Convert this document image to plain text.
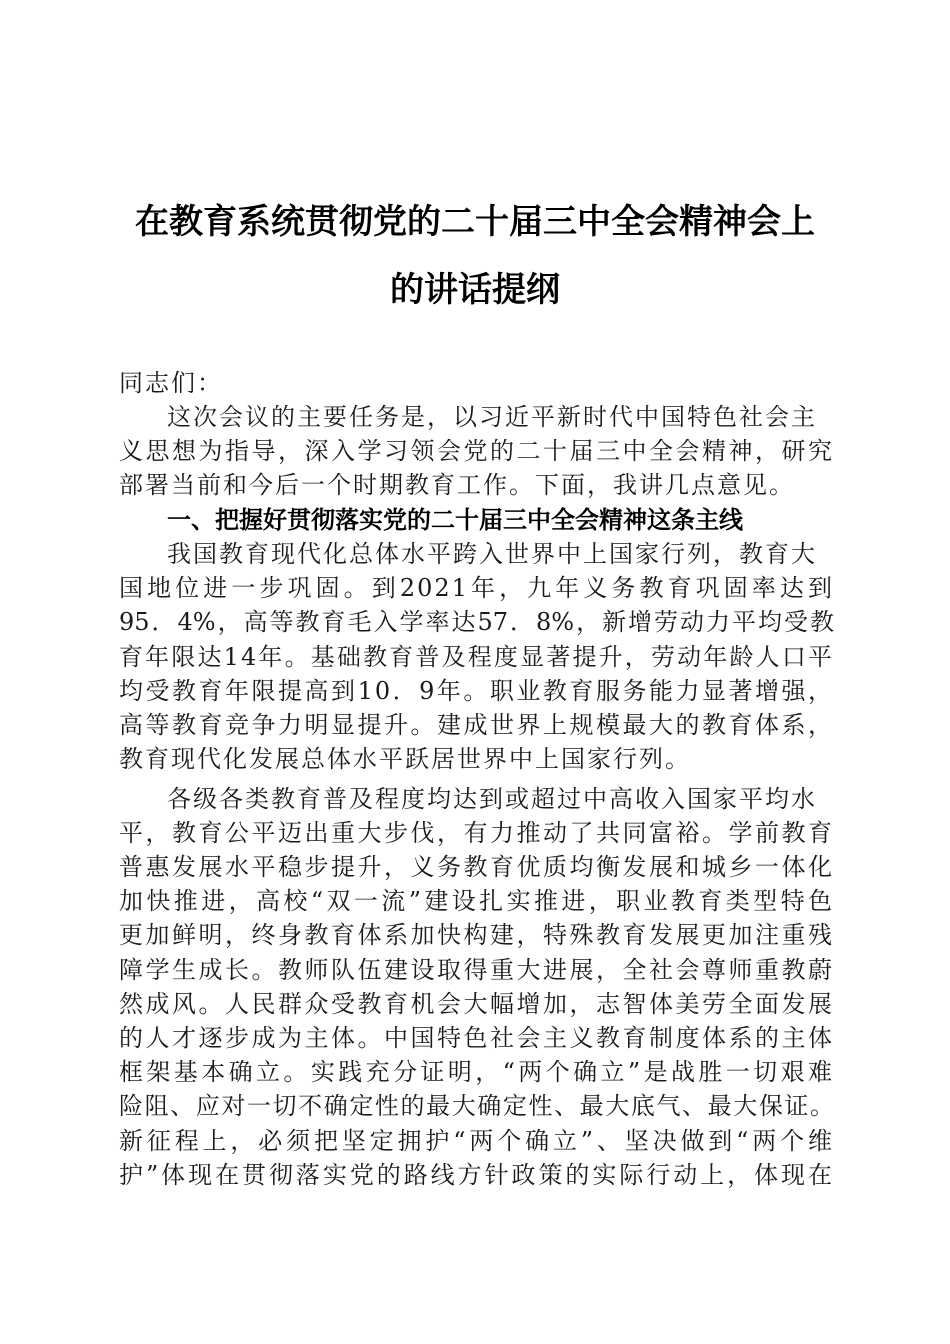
在教育系统贯彻党的二十届三中全会精神会上
的讲话提纲
同志们：
这次会议的主要任务是，以习近平新时代中国特色社会主
义思想为指导，深入学习领会党的二十届三中全会精神，研究
部署当前和今后一个时期教育工作。下面，我讲几点意见。
一、把握好贯彻落实党的二十届三中全会精神这条主线
我国教育现代化总体水平跨入世界中上国家行列，教育大
国地位进一步巩固。到2021年，九年义务教育巩固率达到
95．4%，高等教育毛入学率达57．8%，新增劳动力平均受教
育年限达14年。基础教育普及程度显著提升，劳动年龄人口平
均受教育年限提高到10．9年。职业教育服务能力显著增强，
高等教育竞争力明显提升。建成世界上规模最大的教育体系，
教育现代化发展总体水平跃居世界中上国家行列。
各级各类教育普及程度均达到或超过中高收入国家平均水
平，教育公平迈出重大步伐，有力推动了共同富裕。学前教育
普惠发展水平稳步提升，义务教育优质均衡发展和城乡一体化
加快推进，高校“双一流”建设扎实推进，职业教育类型特色
更加鲜明，终身教育体系加快构建，特殊教育发展更加注重残
障学生成长。教师队伍建设取得重大进展，全社会尊师重教蔚
然成风。人民群众受教育机会大幅增加，志智体美劳全面发展
的人才逐步成为主体。中国特色社会主义教育制度体系的主体
框架基本确立。实践充分证明，“两个确立”是战胜一切艰难
险阻、应对一切不确定性的最大确定性、最大底气、最大保证。
新征程上，必须把坚定拥护“两个确立”、坚决做到“两个维
护”体现在贯彻落实党的路线方针政策的实际行动上，体现在
